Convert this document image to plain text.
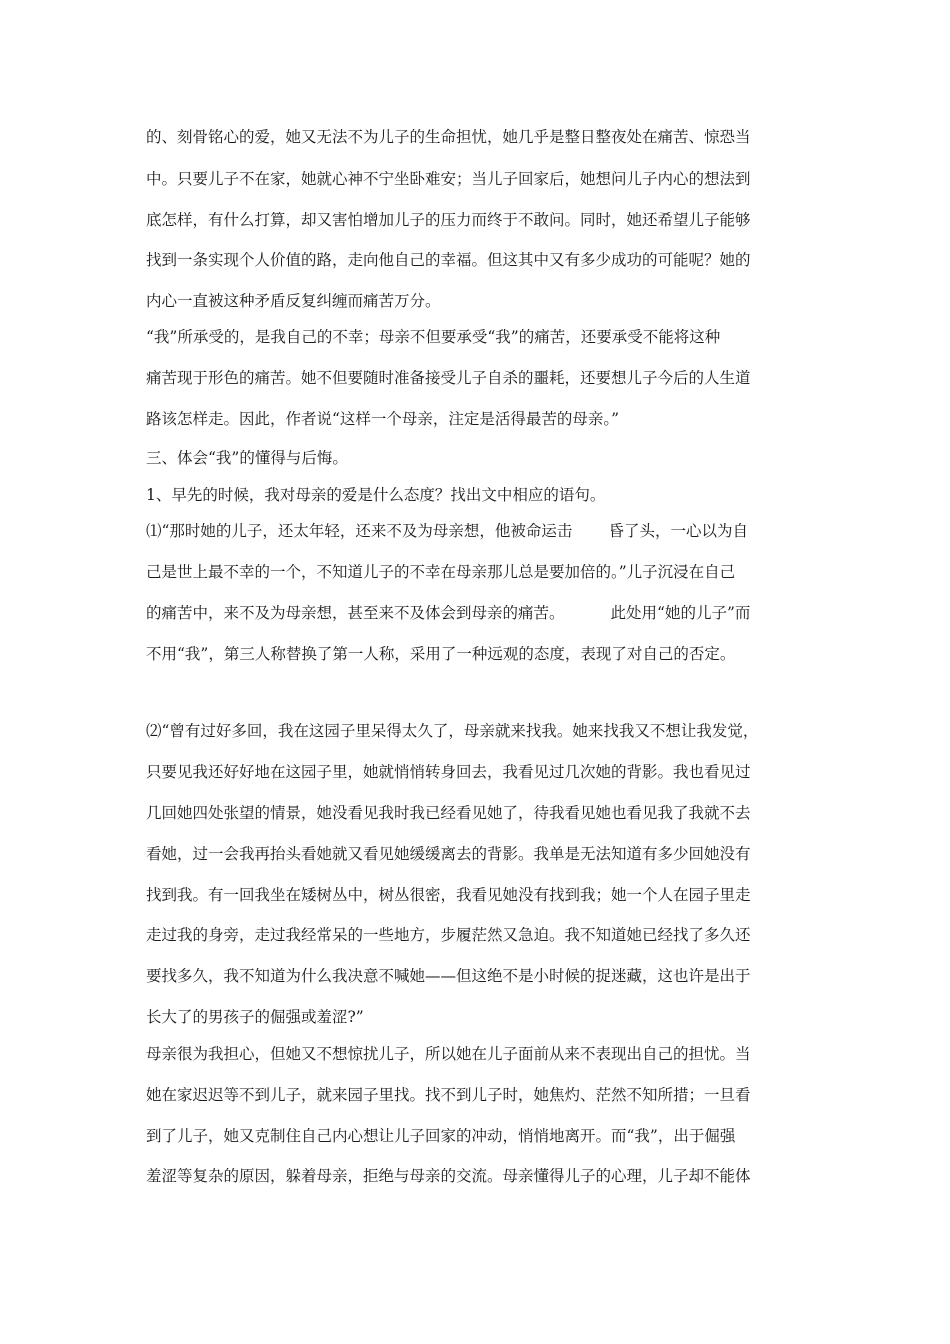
的、刻骨铭心的爱，她又无法不为儿子的生命担忧，她几乎是整日整夜处在痛苦、惊恐当
中。只要儿子不在家，她就心神不宁坐卧难安；当儿子回家后，她想问儿子内心的想法到
底怎样，有什么打算，却又害怕增加儿子的压力而终于不敢问。同时，她还希望儿子能够
找到一条实现个人价值的路，走向他自己的幸福。但这其中又有多少成功的可能呢？她的
内心一直被这种矛盾反复纠缠而痛苦万分。
“我”所承受的，是我自己的不幸；母亲不但要承受“我”的痛苦，还要承受不能将这种
痛苦现于形色的痛苦。她不但要随时准备接受儿子自杀的噩耗，还要想儿子今后的人生道
路该怎样走。因此，作者说“这样一个母亲，注定是活得最苦的母亲。”
三、体会“我”的懂得与后悔。
1、早先的时候，我对母亲的爱是什么态度？找出文中相应的语句。
⑴“那时她的儿子，还太年轻，还来不及为母亲想，他被命运击 昏了头，一心以为自
己是世上最不幸的一个，不知道儿子的不幸在母亲那儿总是要加倍的。”儿子沉浸在自己
的痛苦中，来不及为母亲想，甚至来不及体会到母亲的痛苦。	此处用“她的儿子”而
不用“我”，第三人称替换了第一人称，采用了一种远观的态度，表现了对自己的否定。
⑵“曾有过好多回，我在这园子里呆得太久了，母亲就来找我。她来找我又不想让我发觉，
只要见我还好好地在这园子里，她就悄悄转身回去，我看见过几次她的背影。我也看见过
几回她四处张望的情景，她没看见我时我已经看见她了，待我看见她也看见我了我就不去
看她，过一会我再抬头看她就又看见她缓缓离去的背影。我单是无法知道有多少回她没有
找到我。有一回我坐在矮树丛中，树丛很密，我看见她没有找到我；她一个人在园子里走
走过我的身旁，走过我经常呆的一些地方，步履茫然又急迫。我不知道她已经找了多久还
要找多久，我不知道为什么我决意不喊她——但这绝不是小时候的捉迷藏，这也许是出于
长大了的男孩子的倔强或羞涩?”
母亲很为我担心，但她又不想惊扰儿子，所以她在儿子面前从来不表现出自己的担忧。当
她在家迟迟等不到儿子，就来园子里找。找不到儿子时，她焦灼、茫然不知所措；一旦看
到了儿子，她又克制住自己内心想让儿子回家的冲动，悄悄地离开。而“我”，出于倔强
羞涩等复杂的原因，躲着母亲，拒绝与母亲的交流。母亲懂得儿子的心理，儿子却不能体
